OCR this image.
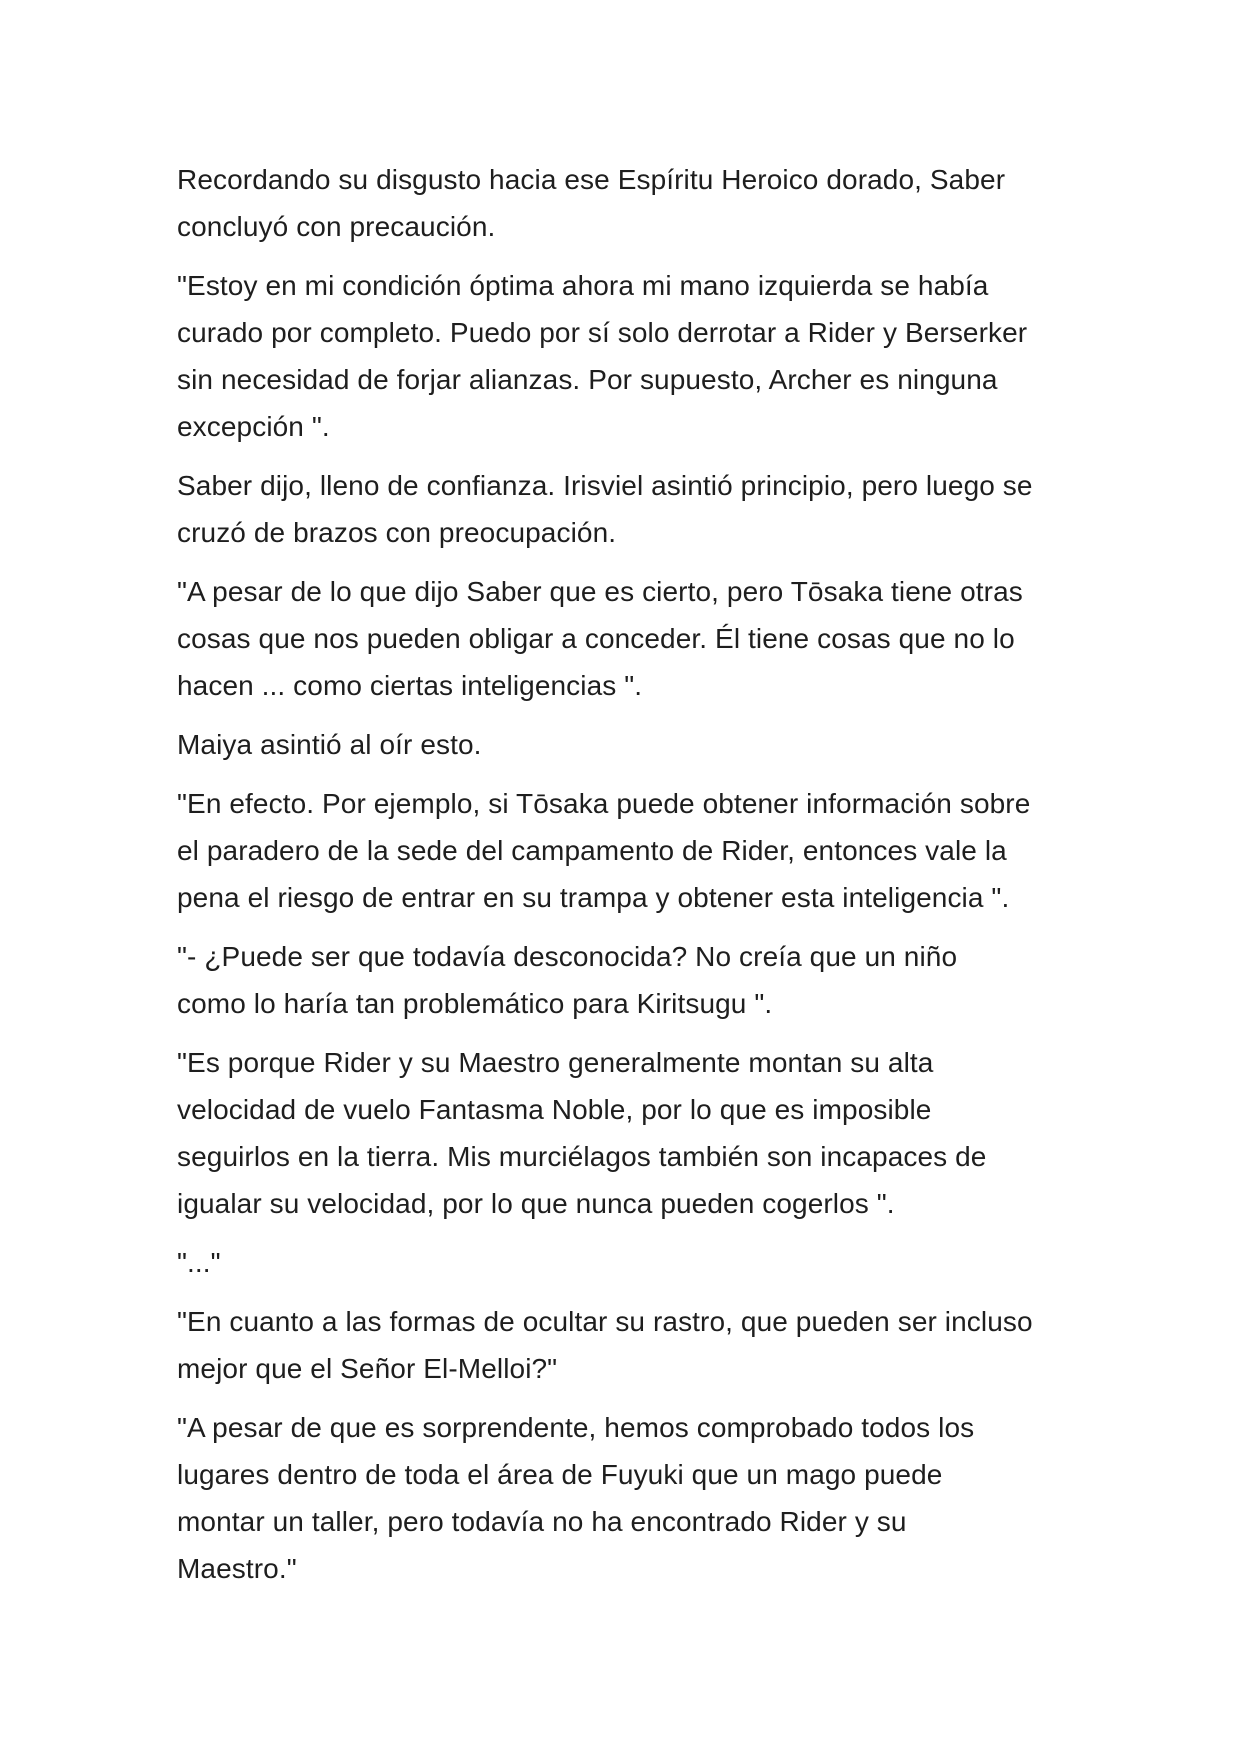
Recordando su disgusto hacia ese Espíritu Heroico dorado, Saber
concluyó con precaución.

"Estoy en mi condición óptima ahora mi mano izquierda se había
curado por completo. Puedo por sí solo derrotar a Rider y Berserker
sin necesidad de forjar alianzas. Por supuesto, Archer es ninguna
excepción ".

Saber dijo, lleno de confianza. Irisviel asintió principio, pero luego se
cruzó de brazos con preocupación.

"A pesar de lo que dijo Saber que es cierto, pero Tōsaka tiene otras
cosas que nos pueden obligar a conceder. Él tiene cosas que no lo
hacen ... como ciertas inteligencias ".

Maiya asintió al oír esto.

"En efecto. Por ejemplo, si Tōsaka puede obtener información sobre
el paradero de la sede del campamento de Rider, entonces vale la
pena el riesgo de entrar en su trampa y obtener esta inteligencia ".

"- ¿Puede ser que todavía desconocida? No creía que un niño
como lo haría tan problemático para Kiritsugu ".

"Es porque Rider y su Maestro generalmente montan su alta
velocidad de vuelo Fantasma Noble, por lo que es imposible
seguirlos en la tierra. Mis murciélagos también son incapaces de
igualar su velocidad, por lo que nunca pueden cogerlos ".

"..."

"En cuanto a las formas de ocultar su rastro, que pueden ser incluso
mejor que el Señor El-Melloi?"

"A pesar de que es sorprendente, hemos comprobado todos los
lugares dentro de toda el área de Fuyuki que un mago puede
montar un taller, pero todavía no ha encontrado Rider y su
Maestro."
